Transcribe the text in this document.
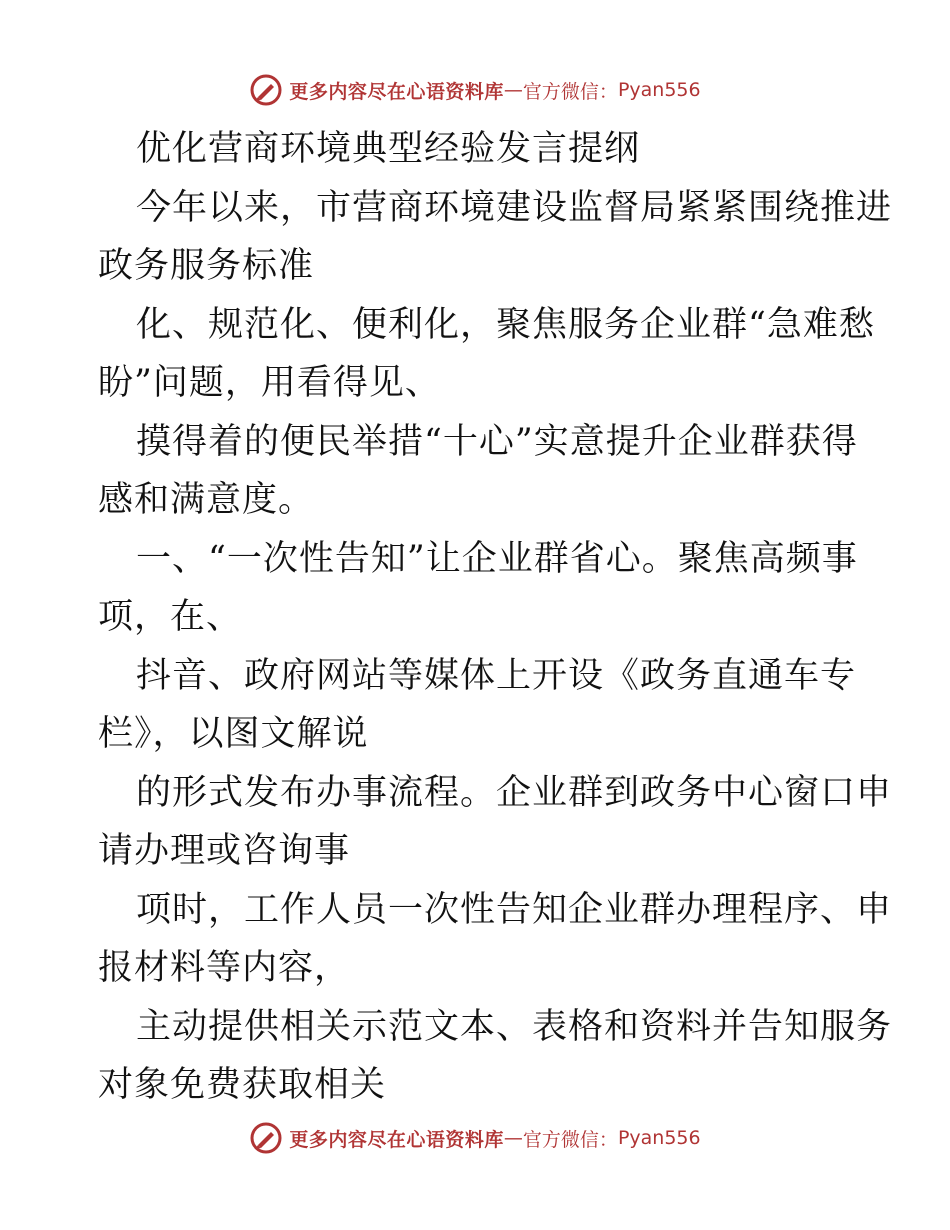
更多内容尽在心语资料库 — 官方微信： Pyan556
优化营商环境典型经验发言提纲
今年以来，市营商环境建设监督局紧紧围绕推进
政务服务标准
化、规范化、便利化，聚焦服务企业群“急难愁
盼”问题，用看得见、
摸得着的便民举措“十心”实意提升企业群获得
感和满意度。
一、“一次性告知”让企业群省心。聚焦高频事
项，在、
抖音、政府网站等媒体上开设《政务直通车专
栏》，以图文解说
的形式发布办事流程。企业群到政务中心窗口申
请办理或咨询事
项时，工作人员一次性告知企业群办理程序、申
报材料等内容，
主动提供相关示范文本、表格和资料并告知服务
对象免费获取相关
更多内容尽在心语资料库 — 官方微信： Pyan556
